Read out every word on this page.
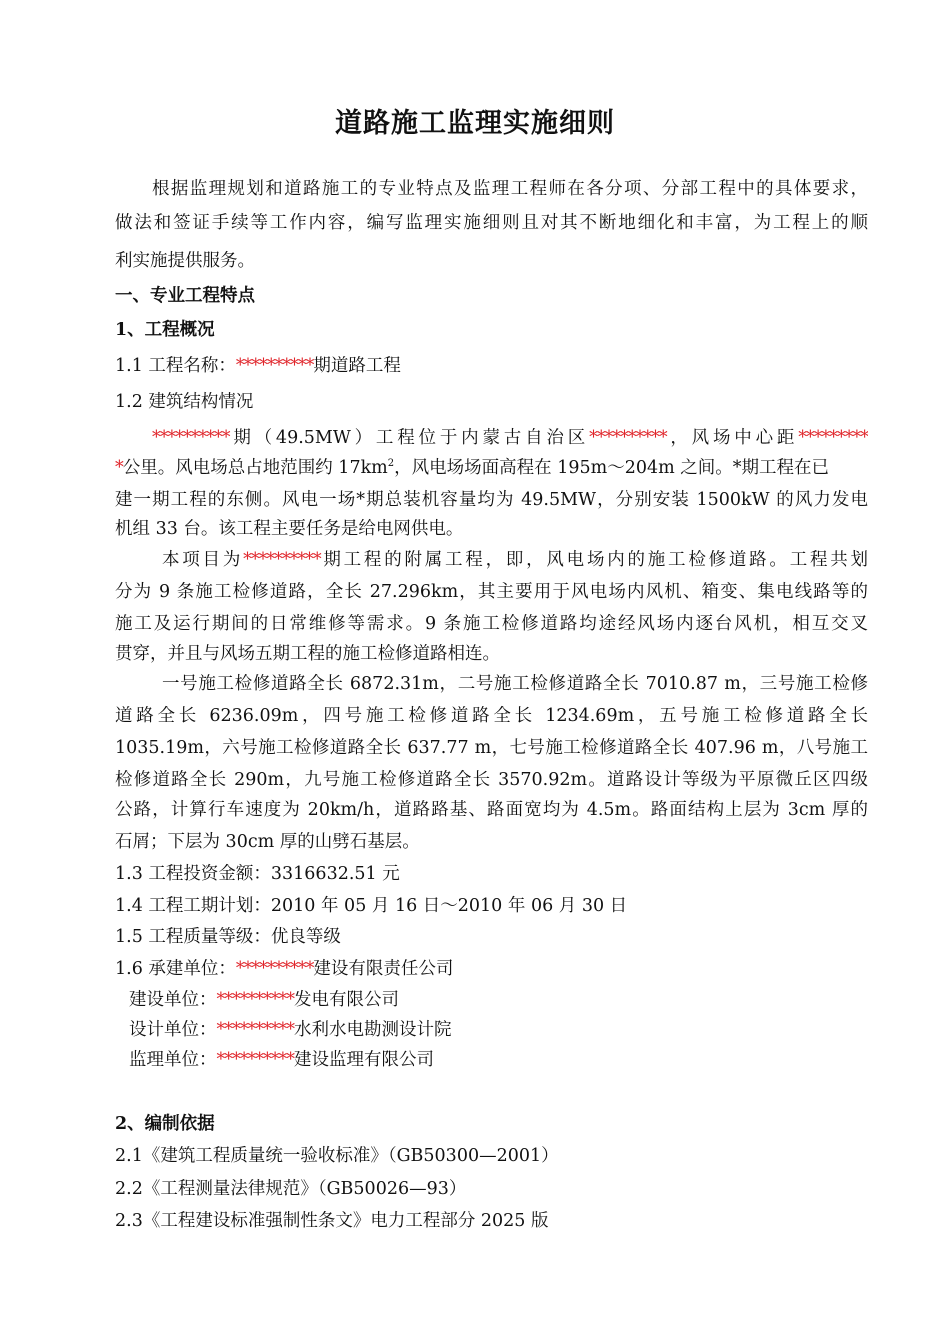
道路施工监理实施细则
根据监理规划和道路施工的专业特点及监理工程师在各分项、分部工程中的具体要求，
做法和签证手续等工作内容，编写监理实施细则且对其不断地细化和丰富，为工程上的顺
利实施提供服务。
一、专业工程特点
1、工程概况
1.1 工程名称：**********期道路工程
1.2 建筑结构情况
**********期（49.5MW）工程位于内蒙古自治区**********，风场中心距*********
*公里。风电场总占地范围约 $17km^2$，风电场场面高程在 195m～204m 之间。*期工程在已
建一期工程的东侧。风电一场*期总装机容量均为 49.5MW，分别安装 1500kW 的风力发电
机组 33 台。该工程主要任务是给电网供电。
本项目为**********期工程的附属工程，即，风电场内的施工检修道路。工程共划
分为 9 条施工检修道路，全长 27.296km，其主要用于风电场内风机、箱变、集电线路等的
施工及运行期间的日常维修等需求。9 条施工检修道路均途经风场内逐台风机，相互交叉
贯穿，并且与风场五期工程的施工检修道路相连。
一号施工检修道路全长 6872.31m，二号施工检修道路全长 7010.87 m，三号施工检修
道路全长 6236.09m，四号施工检修道路全长 1234.69m，五号施工检修道路全长
1035.19m，六号施工检修道路全长 637.77 m，七号施工检修道路全长 407.96 m，八号施工
检修道路全长 290m，九号施工检修道路全长 3570.92m。道路设计等级为平原微丘区四级
公路，计算行车速度为 20km/h，道路路基、路面宽均为 4.5m。路面结构上层为 3cm 厚的
石屑；下层为 30cm 厚的山劈石基层。
1.3 工程投资金额：3316632.51 元
1.4 工程工期计划：2010 年 05 月 16 日～2010 年 06 月 30 日
1.5 工程质量等级：优良等级
1.6 承建单位：**********建设有限责任公司
建设单位：**********发电有限公司
设计单位：**********水利水电勘测设计院
监理单位：**********建设监理有限公司
2、编制依据
2.1《建筑工程质量统一验收标准》（GB50300—2001）
2.2《工程测量法律规范》（GB50026—93）
2.3《工程建设标准强制性条文》电力工程部分 2025 版
